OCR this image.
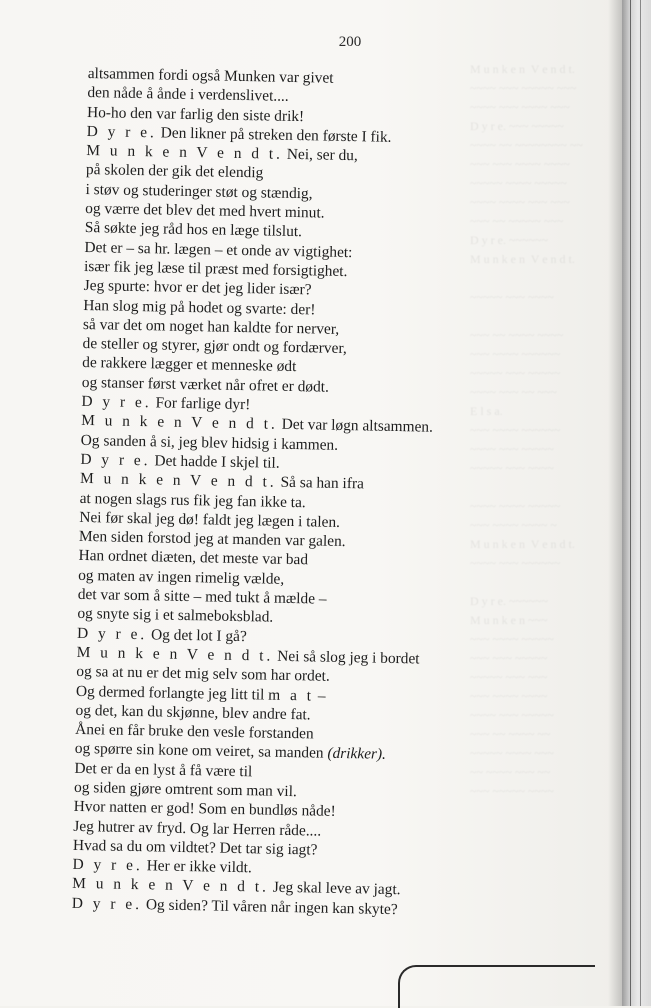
M u n k e n  V e n d t.
~~~~ ~~~ ~~~~~ ~~~
~~~~ ~~~ ~~~~ ~~~
D y r e. ~~~ ~~~~~
~~~~ ~~ ~~~~~~~~ ~~
~~~ ~~~ ~~~~ ~~~~
~~~~~ ~~~~ ~~~~~
~~~~ ~~~~ ~~~ ~~~
~~~ ~~ ~~~~~ ~~~
D y r e. ~~~~~~
M u n k e n  V e n d t.

~~~~~ ~~~ ~~~~

~~~ ~~ ~~~~ ~~~~
~~~ ~~~~ ~~~~~~
~~~~~ ~~~ ~~~~~
~~~~ ~~~ ~~ ~~~
E l s a.
~~~ ~~~~ ~~~~~~
~~~~ ~~~ ~~~~~
~~~~~ ~~~ ~~~~

~~~~ ~~~~ ~~~~~
~~~ ~~~~ ~~~~ ~
M u n k e n  V e n d t.
~~~~ ~~~ ~~~~~~

D y r e. ~~~~~~
M u n k e n ~~~
~~~ ~~~~ ~~~~~
~~~ ~~~ ~~~~~
~~~~~ ~~~ ~~~
~~~ ~~~~ ~~~~
~~~~ ~~~ ~~~~~
~~~ ~~ ~~~~ ~~
~~~~~ ~~~~ ~~~
~~ ~~~~ ~~~ ~~
~~~ ~~~~~ ~~~~
200
altsammen fordi også Munken var givet
den nåde å ånde i verdenslivet....
Ho-ho den var farlig den siste drik!
D y r e. Den likner på streken den første I fik.
M u n k e n V e n d t. Nei, ser du,
på skolen der gik det elendig
i støv og studeringer støt og stændig,
og værre det blev det med hvert minut.
Så søkte jeg råd hos en læge tilslut.
Det er – sa hr. lægen – et onde av vigtighet:
især fik jeg læse til præst med forsigtighet.
Jeg spurte: hvor er det jeg lider især?
Han slog mig på hodet og svarte: der!
så var det om noget han kaldte for nerver,
de steller og styrer, gjør ondt og fordærver,
de rakkere lægger et menneske ødt
og stanser først værket når ofret er dødt.
D y r e. For farlige dyr!
M u n k e n V e n d t. Det var løgn altsammen.
Og sanden å si, jeg blev hidsig i kammen.
D y r e. Det hadde I skjel til.
M u n k e n V e n d t. Så sa han ifra
at nogen slags rus fik jeg fan ikke ta.
Nei før skal jeg dø! faldt jeg lægen i talen.
Men siden forstod jeg at manden var galen.
Han ordnet diæten, det meste var bad
og maten av ingen rimelig vælde,
det var som å sitte – med tukt å mælde –
og snyte sig i et salmeboksblad.
D y r e. Og det lot I gå?
M u n k e n V e n d t. Nei så slog jeg i bordet
og sa at nu er det mig selv som har ordet.
Og dermed forlangte jeg litt til m a t –
og det, kan du skjønne, blev andre fat.
Ånei en får bruke den vesle forstanden
og spørre sin kone om veiret, sa manden (drikker).
Det er da en lyst å få være til
og siden gjøre omtrent som man vil.
Hvor natten er god! Som en bundløs nåde!
Jeg hutrer av fryd. Og lar Herren råde....
Hvad sa du om vildtet? Det tar sig iagt?
D y r e. Her er ikke vildt.
M u n k e n V e n d t. Jeg skal leve av jagt.
D y r e. Og siden? Til våren når ingen kan skyte?
